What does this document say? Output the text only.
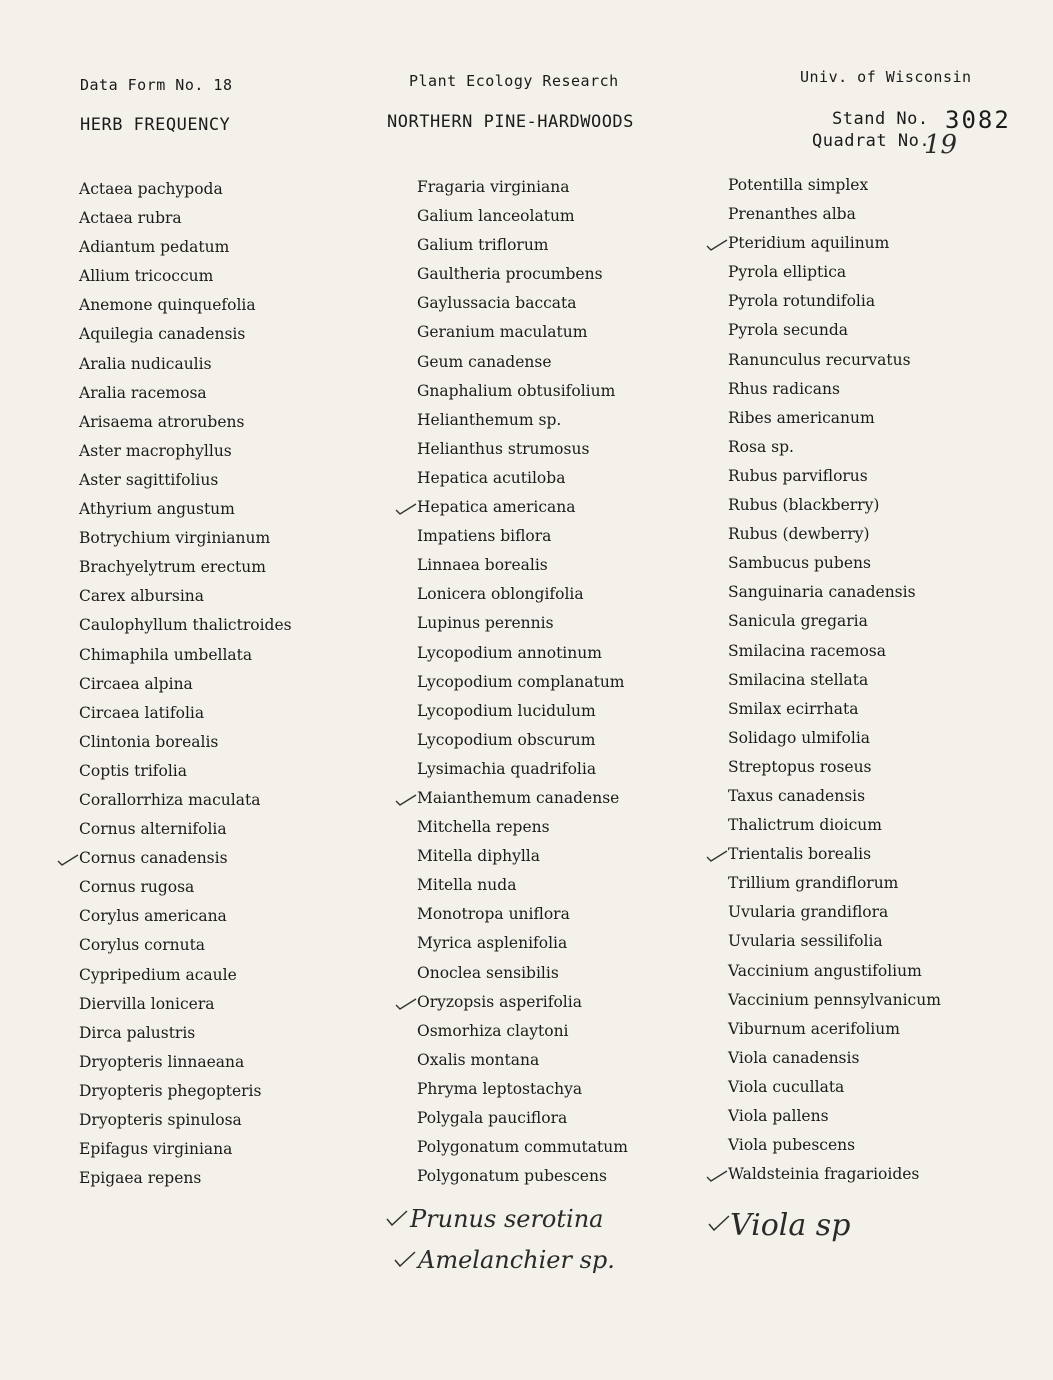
Data Form No. 18	Plant Ecology Research	Univ. of Wisconsin
HERB FREQUENCY	NORTHERN PINE-HARDWOODS	Stand No. 3082
Quadrat No.
19
Actaea pachypoda
Actaea rubra
Adiantum pedatum
Allium tricoccum
Anemone quinquefolia
Aquilegia canadensis
Aralia nudicaulis
Aralia racemosa
Arisaema atrorubens
Aster macrophyllus
Aster sagittifolius
Athyrium angustum
Botrychium virginianum
Brachyelytrum erectum
Carex albursina
Caulophyllum thalictroides
Chimaphila umbellata
Circaea alpina
Circaea latifolia
Clintonia borealis
Coptis trifolia
Corallorrhiza maculata
Cornus alternifolia
Cornus canadensis
Cornus rugosa
Corylus americana
Corylus cornuta
Cypripedium acaule
Diervilla lonicera
Dirca palustris
Dryopteris linnaeana
Dryopteris phegopteris
Dryopteris spinulosa
Epifagus virginiana
Epigaea repens
Fragaria virginiana
Galium lanceolatum
Galium triflorum
Gaultheria procumbens
Gaylussacia baccata
Geranium maculatum
Geum canadense
Gnaphalium obtusifolium
Helianthemum sp.
Helianthus strumosus
Hepatica acutiloba
Hepatica americana
Impatiens biflora
Linnaea borealis
Lonicera oblongifolia
Lupinus perennis
Lycopodium annotinum
Lycopodium complanatum
Lycopodium lucidulum
Lycopodium obscurum
Lysimachia quadrifolia
Maianthemum canadense
Mitchella repens
Mitella diphylla
Mitella nuda
Monotropa uniflora
Myrica asplenifolia
Onoclea sensibilis
Oryzopsis asperifolia
Osmorhiza claytoni
Oxalis montana
Phryma leptostachya
Polygala pauciflora
Polygonatum commutatum
Polygonatum pubescens
Potentilla simplex
Prenanthes alba
Pteridium aquilinum
Pyrola elliptica
Pyrola rotundifolia
Pyrola secunda
Ranunculus recurvatus
Rhus radicans
Ribes americanum
Rosa sp.
Rubus parviflorus
Rubus (blackberry)
Rubus (dewberry)
Sambucus pubens
Sanguinaria canadensis
Sanicula gregaria
Smilacina racemosa
Smilacina stellata
Smilax ecirrhata
Solidago ulmifolia
Streptopus roseus
Taxus canadensis
Thalictrum dioicum
Trientalis borealis
Trillium grandiflorum
Uvularia grandiflora
Uvularia sessilifolia
Vaccinium angustifolium
Vaccinium pennsylvanicum
Viburnum acerifolium
Viola canadensis
Viola cucullata
Viola pallens
Viola pubescens
Waldsteinia fragarioides
Prunus serotina
Amelanchier sp.
Viola sp
